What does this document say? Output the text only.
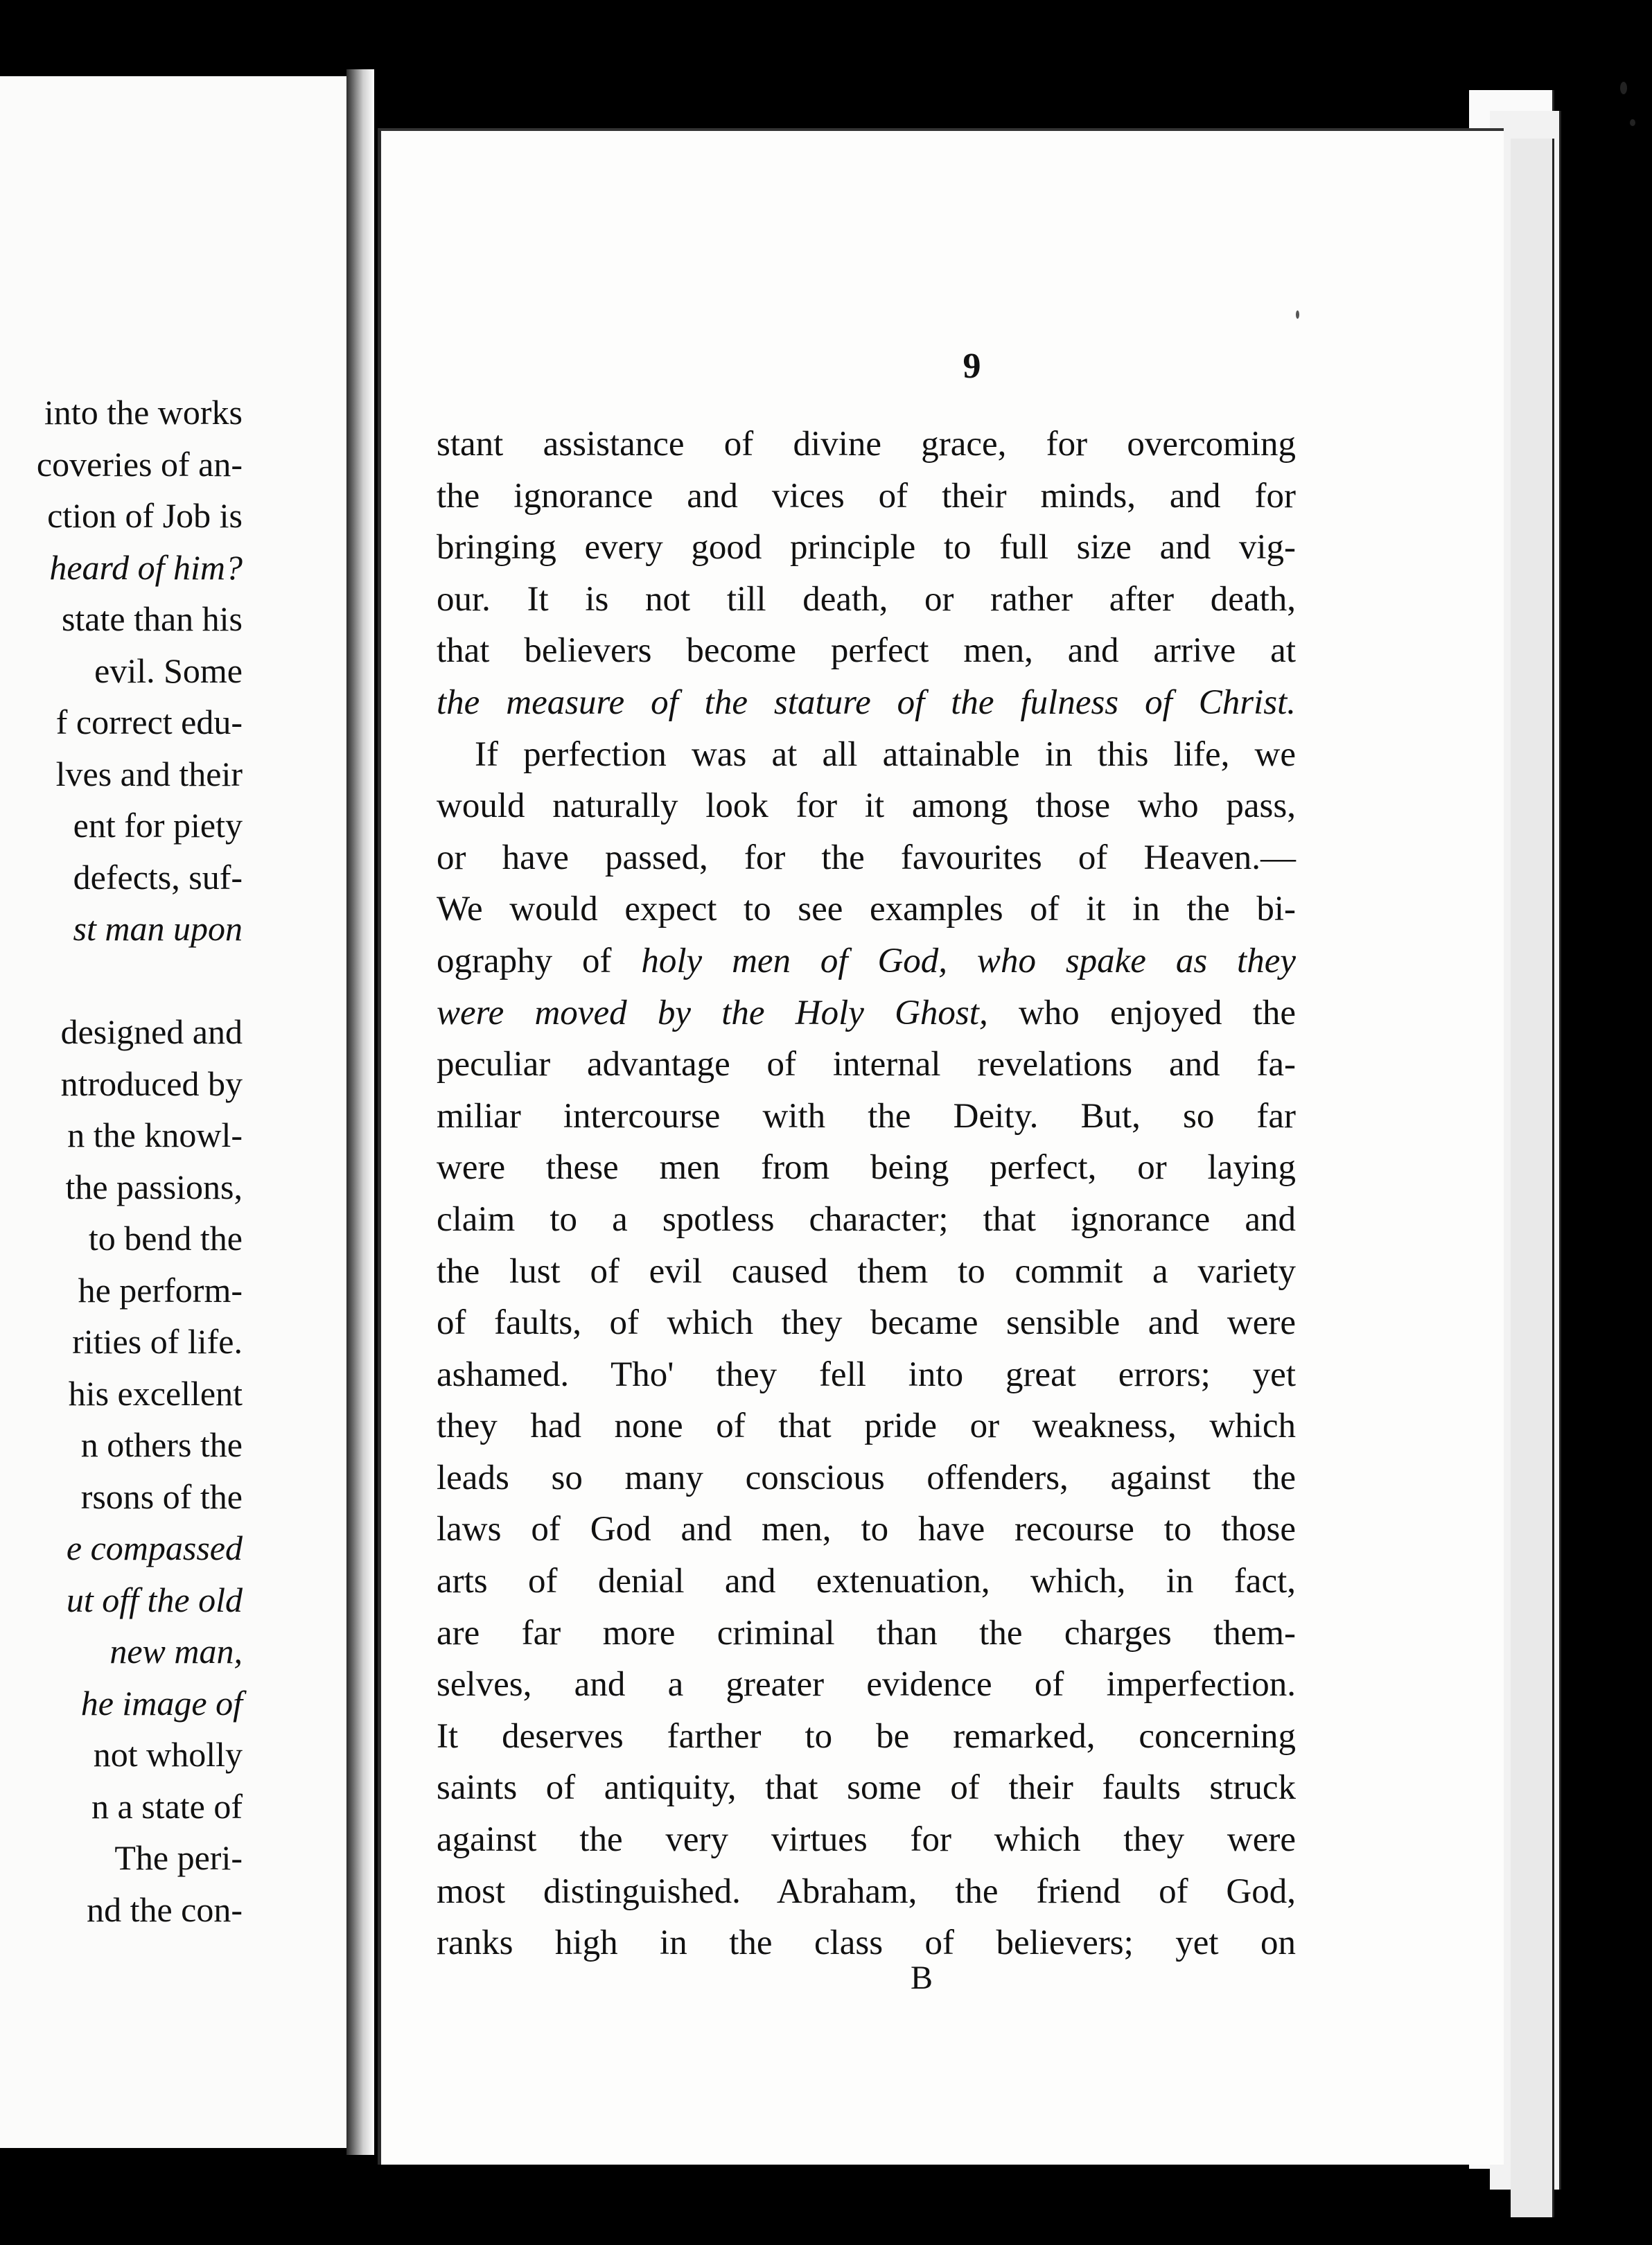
into the works
coveries of an-
ction of Job is
heard of him?
state than his
evil. Some
f correct edu-
lves and their
ent for piety
defects, suf-
st man upon
designed and
ntroduced by
n the knowl-
the passions,
to bend the
he perform-
rities of life.
his excellent
n others the
rsons of the
e compassed
ut off the old
new man,
he image of
not wholly
n a state of
The peri-
nd the con-
9
stant assistance of divine grace, for overcoming
the ignorance and vices of their minds, and for
bringing every good principle to full size and vig-
our. It is not till death, or rather after death,
that believers become perfect men, and arrive at
the measure of the stature of the fulness of Christ.
If perfection was at all attainable in this life, we
would naturally look for it among those who pass,
or have passed, for the favourites of Heaven.—
We would expect to see examples of it in the bi-
ography of holy men of God, who spake as they
were moved by the Holy Ghost, who enjoyed the
peculiar advantage of internal revelations and fa-
miliar intercourse with the Deity. But, so far
were these men from being perfect, or laying
claim to a spotless character; that ignorance and
the lust of evil caused them to commit a variety
of faults, of which they became sensible and were
ashamed. Tho' they fell into great errors; yet
they had none of that pride or weakness, which
leads so many conscious offenders, against the
laws of God and men, to have recourse to those
arts of denial and extenuation, which, in fact,
are far more criminal than the charges them-
selves, and a greater evidence of imperfection.
It deserves farther to be remarked, concerning
saints of antiquity, that some of their faults struck
against the very virtues for which they were
most distinguished. Abraham, the friend of God,
ranks high in the class of believers; yet on
B
